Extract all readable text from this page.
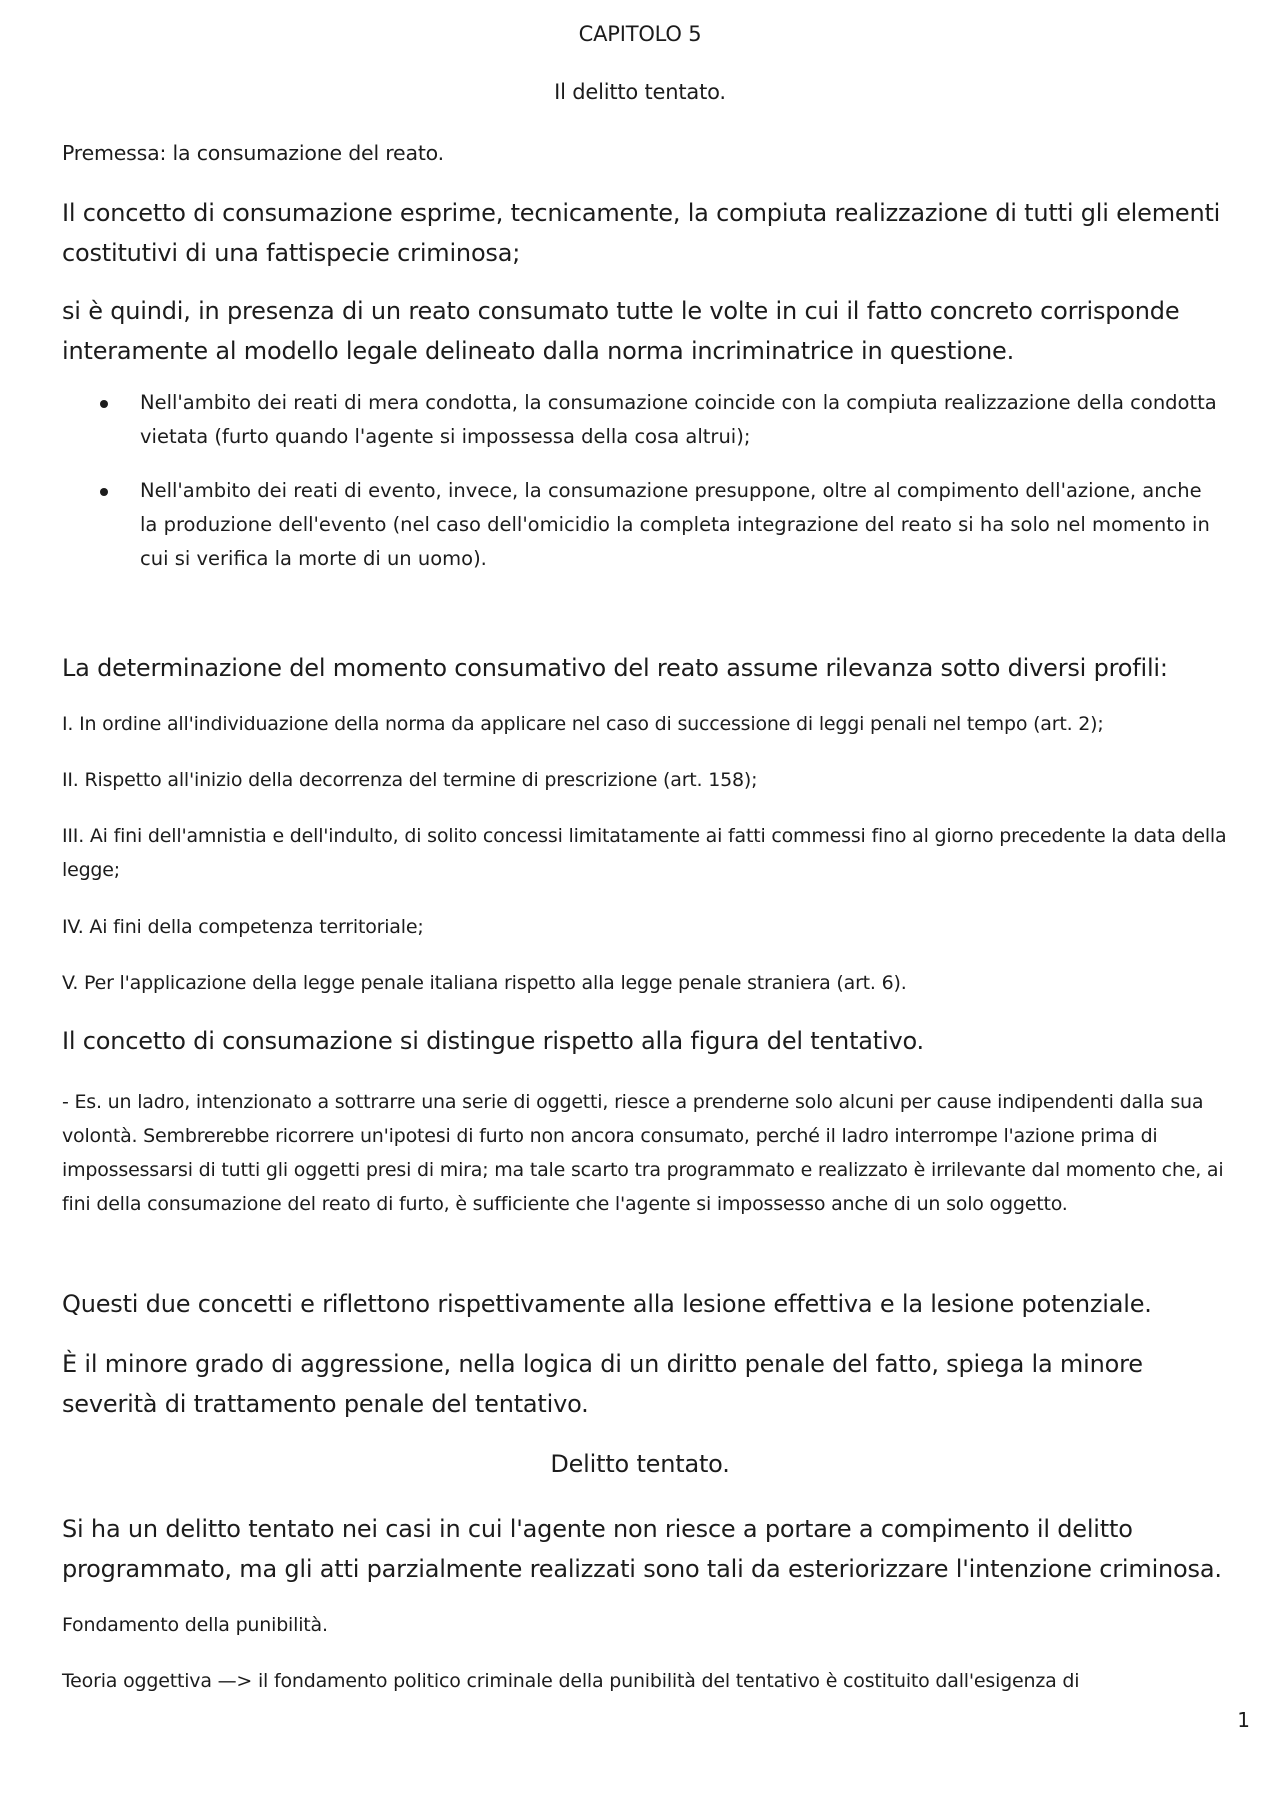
CAPITOLO 5

Il delitto tentato.

Premessa: la consumazione del reato.

Il concetto di consumazione esprime, tecnicamente, la compiuta realizzazione di tutti gli elementi costitutivi di una fattispecie criminosa;

si è quindi, in presenza di un reato consumato tutte le volte in cui il fatto concreto corrisponde interamente al modello legale delineato dalla norma incriminatrice in questione.

Nell'ambito dei reati di mera condotta, la consumazione coincide con la compiuta realizzazione della condotta vietata (furto quando l'agente si impossessa della cosa altrui);
Nell'ambito dei reati di evento, invece, la consumazione presuppone, oltre al compimento dell'azione, anche la produzione dell'evento (nel caso dell'omicidio la completa integrazione del reato si ha solo nel momento in cui si verifica la morte di un uomo).

La determinazione del momento consumativo del reato assume rilevanza sotto diversi profili:

I. In ordine all'individuazione della norma da applicare nel caso di successione di leggi penali nel tempo (art. 2);

II. Rispetto all'inizio della decorrenza del termine di prescrizione (art. 158);

III. Ai fini dell'amnistia e dell'indulto, di solito concessi limitatamente ai fatti commessi fino al giorno precedente la data della legge;

IV. Ai fini della competenza territoriale;

V. Per l'applicazione della legge penale italiana rispetto alla legge penale straniera (art. 6).

Il concetto di consumazione si distingue rispetto alla figura del tentativo.

- Es. un ladro, intenzionato a sottrarre una serie di oggetti, riesce a prenderne solo alcuni per cause indipendenti dalla sua volontà. Sembrerebbe ricorrere un'ipotesi di furto non ancora consumato, perché il ladro interrompe l'azione prima di impossessarsi di tutti gli oggetti presi di mira; ma tale scarto tra programmato e realizzato è irrilevante dal momento che, ai fini della consumazione del reato di furto, è sufficiente che l'agente si impossesso anche di un solo oggetto.

Questi due concetti e riflettono rispettivamente alla lesione effettiva e la lesione potenziale.

È il minore grado di aggressione, nella logica di un diritto penale del fatto, spiega la minore severità di trattamento penale del tentativo.

Delitto tentato.

Si ha un delitto tentato nei casi in cui l'agente non riesce a portare a compimento il delitto programmato, ma gli atti parzialmente realizzati sono tali da esteriorizzare l'intenzione criminosa.

Fondamento della punibilità.

Teoria oggettiva —> il fondamento politico criminale della punibilità del tentativo è costituito dall'esigenza di

1
